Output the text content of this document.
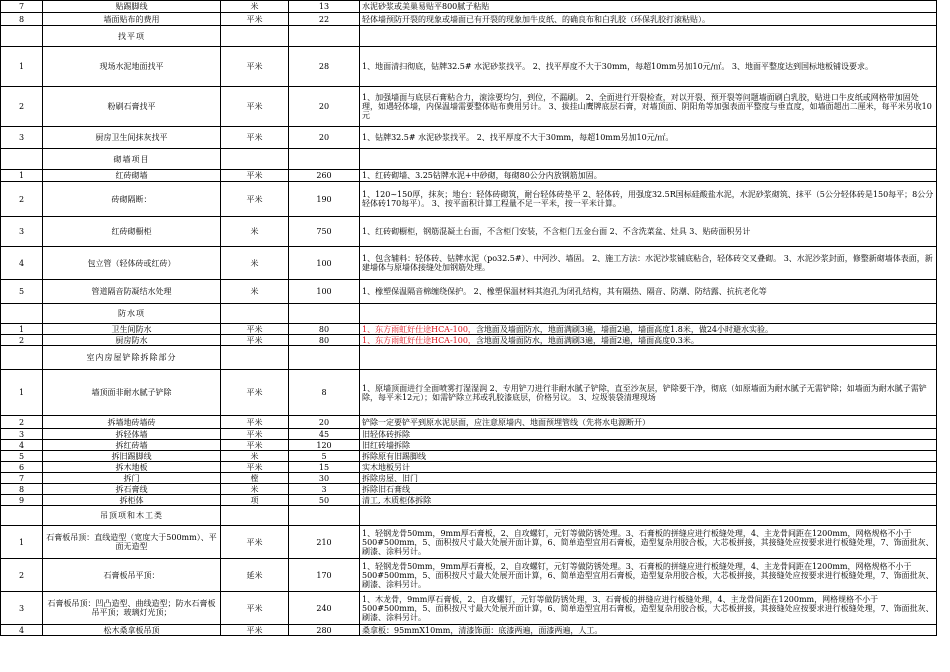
7	贴踢脚线	米	13	水泥砂浆或美巢易贴平800腻子粘贴
8	墙面贴布的费用	平米	22	轻体墙预防开裂的现象或墙面已有开裂的现象加牛皮纸、的确良布和白乳胶（环保乳胶打滚粘贴）。
	找平项			
1	现场水泥地面找平	平米	28	1、地面清扫彻底，钻牌32.5# 水泥砂浆找平。 2、找平厚度不大于30mm，每超10mm另加10元/㎡。 3、地面平整度达到国标地板铺设要求。
2	粉刷石膏找平	平米	20	1、加强墙面与底层石膏粘合力，滚涂要均匀，到位，不漏刷。 2、全面进行开裂检查，对以开裂、预开裂等问题墙面刷白乳胶，贴进口牛皮纸或网格带加固处理，如遇轻体墙，内保温墙需要整体贴布费用另计。 3、拔挂山鹰牌底层石膏，对墙顶面、阴阳角等加强表面平整度与垂直度，如墙面超出二厘米，每平米另收10元
3	厨房卫生间抹灰找平	平米	20	1、钻牌32.5# 水泥砂浆找平。 2、找平厚度不大于30mm，每超10mm另加10元/㎡。
	砌墙项目			
1	红砖砌墙	平米	260	1、红砖砌墙、3.25钻牌水泥+中砂砌，每砌80公分内放钢筋加固。
2	砖砌隔断：	平米	190	1、120~150厚，抹灰；地台：轻体砖砌筑，耐台轻体砖垫平 2、轻体砖，用强度32.5R国标硅酸盐水泥，水泥砂浆砌筑、抹平（5公分轻体砖是150每平；8公分轻体砖170每平）。 3、按平面积计算工程量不足一平米，按一平米计算。
3	红砖砌橱柜	米	750	1、红砖砌橱柜，钢筋混凝土台面，不含柜门安装，不含柜门五金台面 2、不含洗菜盆、灶具 3、贴砖面积另计
4	包立管（轻体砖或红砖）	米	100	1、包含辅料：轻体砖、钻牌水泥（po32.5#）、中河沙、墙固。 2、施工方法：水泥沙浆铺底粘合，轻体砖交叉叠砌。 3、水泥沙浆封面，修整新砌墙体表面，新建墙体与原墙体接缝处加钢筋处理。
5	管道隔音防凝结水处理	米	100	1、橡塑保温隔音棉缠绕保护。 2、橡塑保温材料其泡孔为闭孔结构，其有隔热、隔音、防潮、防结露、抗抗老化等
	防水项			
1	卫生间防水	平米	80	1、东方雨虹好仕途HCA-100，含地面及墙面防水，地面满刷3遍，墙面2遍，墙面高度1.8米，做24小时避水实验。
2	厨房防水	平米	80	1、东方雨虹好仕途HCA-100，含地面及墙面防水，地面满刷3遍，墙面2遍，墙面高度0.3米。
	室内房屋铲除拆除部分			
1	墙顶面非耐水腻子铲除	平米	8	1、原墙顶面进行全面喷雾打湿湿润 2、专用铲刀进行非耐水腻子铲除，直至沙灰层，铲除要干净，彻底（如原墙面为耐水腻子无需铲除；如墙面为耐水腻子需铲除，每平米12元）；如需铲除立邦或乳胶漆底层，价格另议。 3、垃圾装袋清理现场
2	拆墙地砖墙砖	平米	20	铲除一定要铲平到原水泥层面，应注意原墙内、地面预埋管线（先将水电源断开）
3	拆轻体墙	平米	45	旧轻体砖拆除
4	拆红砖墙	平米	120	旧红砖墙拆除
5	拆旧踢脚线	米	5	拆除原有旧踢脚线
6	拆木地板	平米	15	实木地板另计
7	拆门	樘	30	拆除房屋、旧门
8	拆石膏线	米	3	拆除旧石膏线
9	拆柜体	项	50	清工, 木质柜体拆除
	吊顶项和木工类			
1	石膏板吊顶：直线造型（宽度大于500mm）、平面无造型	平米	210	1、轻钢龙骨50mm，9mm厚石膏板，2、自攻螺钉，元钉等做防锈处理。3、石膏板的拼缝应进行板缝处理，4、主龙骨间距在1200mm，网格规格不小于500#500mm，5、面积按尺寸最大处展开面计算，6、简单造型宜用石膏板，造型复杂用胶合板，大芯板拼接，其接缝处应按要求进行板缝处理，7、饰面批灰、刷漆、涂料另计。
2	石膏板吊平顶：	延米	170	1、轻钢龙骨50mm，9mm厚石膏板，2、自攻螺钉，元钉等做防锈处理。3、石膏板的拼缝应进行板缝处理，4、主龙骨间距在1200mm，网格规格不小于500#500mm，5、面积按尺寸最大处展开面计算，6、简单造型宜用石膏板，造型复杂用胶合板，大芯板拼接，其接缝处应按要求进行板缝处理，7、饰面批灰、刷漆、涂料另计。
3	石膏板吊顶：凹凸造型、曲线造型；防水石膏板吊平顶；玻璃灯光顶；	平米	240	1、木龙骨，9mm厚石膏板，2、自攻螺钉，元钉等做防锈处理，3、石膏板的拼缝应进行板缝处理，4、主龙骨间距在1200mm，网格规格不小于500#500mm，5、面积按尺寸最大处展开面计算，6、简单造型宜用石膏板，造型复杂用胶合板，大芯板拼接，其接缝处应按要求进行板缝处理，7、饰面批灰、刷漆、涂料另计。
4	松木桑拿板吊顶	平米	280	桑拿板：95mmX10mm，清漆饰面：底漆两遍，面漆两遍，人工。
